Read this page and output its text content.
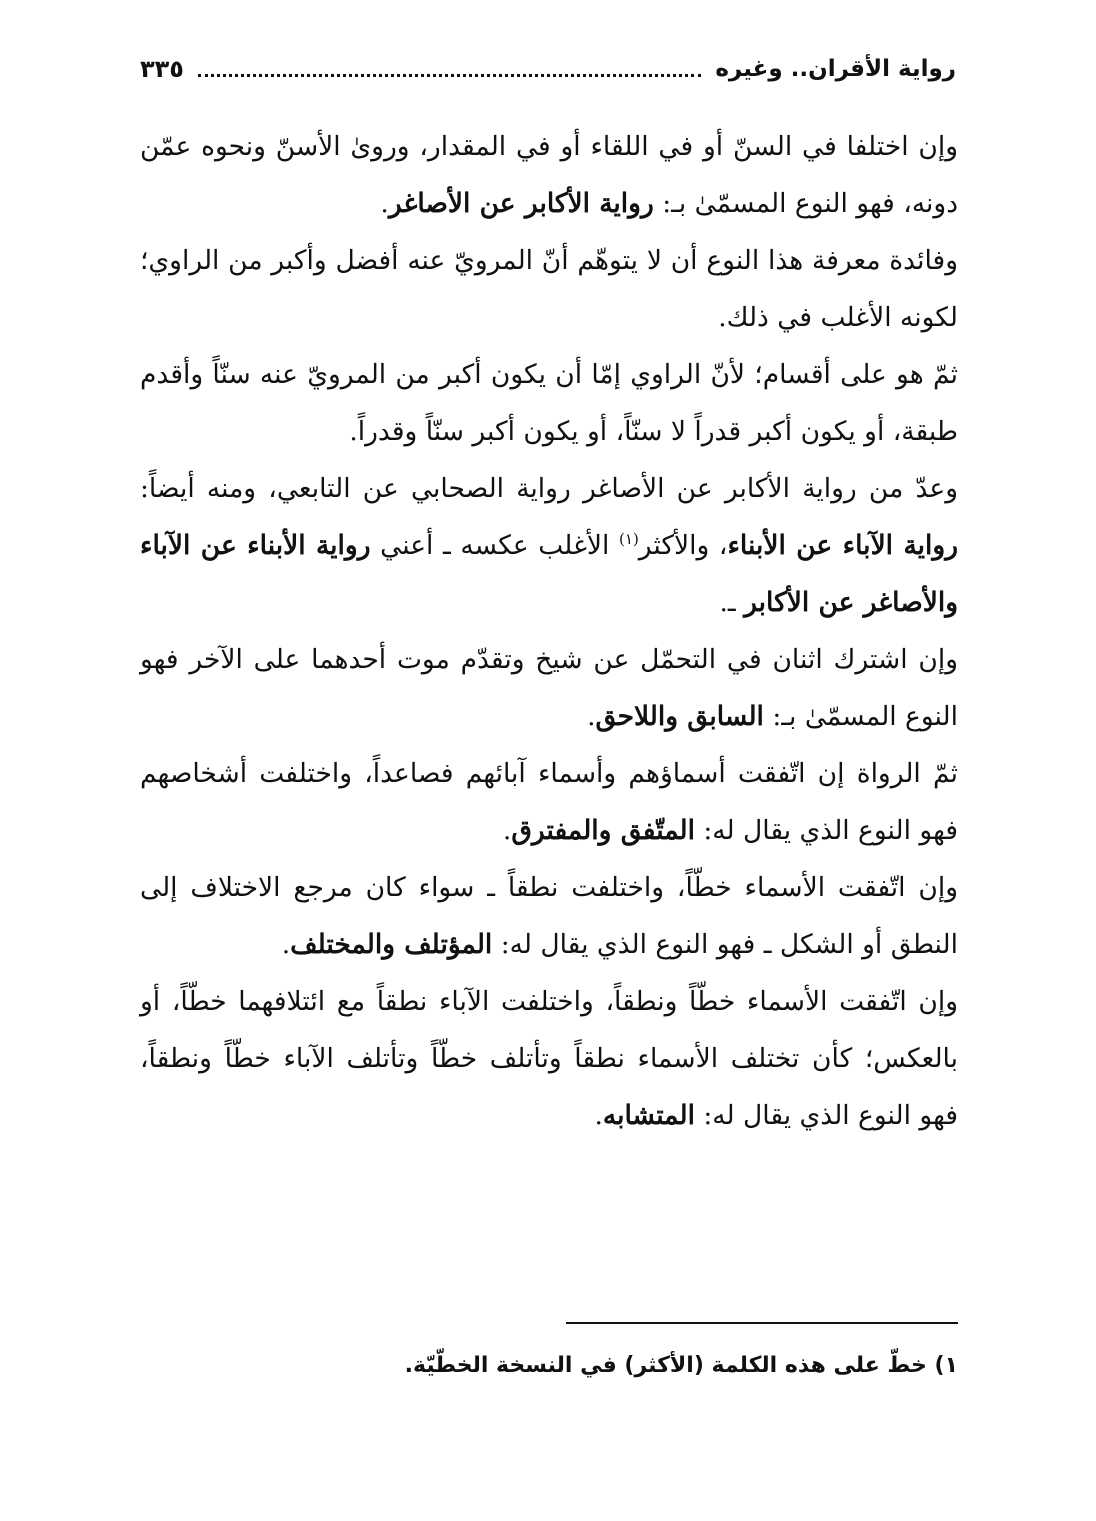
رواية الأقران.. وغيره
٣٣٥

وإن اختلفا في السنّ أو في اللقاء أو في المقدار، وروىٰ الأسنّ ونحوه عمّن دونه، فهو النوع المسمّىٰ بـ: رواية الأكابر عن الأصاغر.

وفائدة معرفة هذا النوع أن لا يتوهّم أنّ المرويّ عنه أفضل وأكبر من الراوي؛ لكونه الأغلب في ذلك.

ثمّ هو على أقسام؛ لأنّ الراوي إمّا أن يكون أكبر من المرويّ عنه سنّاً وأقدم طبقة، أو يكون أكبر قدراً لا سنّاً، أو يكون أكبر سنّاً وقدراً.

وعدّ من رواية الأكابر عن الأصاغر رواية الصحابي عن التابعي، ومنه أيضاً: رواية الآباء عن الأبناء، والأكثر$^{(١)}$ الأغلب عكسه ـ أعني رواية الأبناء عن الآباء والأصاغر عن الأكابر ـ.

وإن اشترك اثنان في التحمّل عن شيخ وتقدّم موت أحدهما على الآخر فهو النوع المسمّىٰ بـ: السابق واللاحق.

ثمّ الرواة إن اتّفقت أسماؤهم وأسماء آبائهم فصاعداً، واختلفت أشخاصهم فهو النوع الذي يقال له: المتّفق والمفترق.

وإن اتّفقت الأسماء خطّاً، واختلفت نطقاً ـ سواء كان مرجع الاختلاف إلى النطق أو الشكل ـ فهو النوع الذي يقال له: المؤتلف والمختلف.

وإن اتّفقت الأسماء خطّاً ونطقاً، واختلفت الآباء نطقاً مع ائتلافهما خطّاً، أو بالعكس؛ كأن تختلف الأسماء نطقاً وتأتلف خطّاً وتأتلف الآباء خطّاً ونطقاً، فهو النوع الذي يقال له: المتشابه.

١) خطّ على هذه الكلمة (الأكثر) في النسخة الخطّيّة.
